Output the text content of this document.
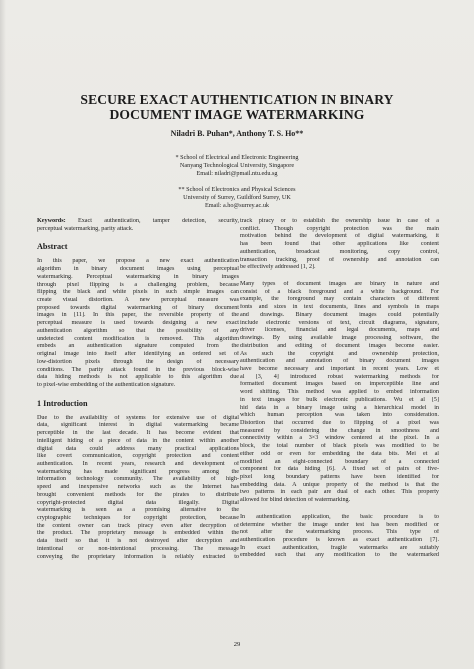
SECURE EXACT AUTHENTICATION IN BINARY
DOCUMENT IMAGE WATERMARKING
Niladri B. Puhan*, Anthony T. S. Ho**
* School of Electrical and Electronic Engineering
Nanyang Technological University, Singapore
Email: niladri@pmail.ntu.edu.sg
** School of Electronics and Physical Sciences
University of Surrey, Guildford Surrey, UK
Email: a.ho@surrey.ac.uk
Keywords: Exact authentication, tamper detection, security,
perceptual watermarking, parity attack.
Abstract
In this paper, we propose a new exact authentication
algorithm in binary document images using perceptual
watermarking. Perceptual watermarking in binary images
through pixel flipping is a challenging problem, because
flipping the black and white pixels in such simple images can
create visual distortion. A new perceptual measure was
proposed towards digital watermarking of binary document
images in [11]. In this paper, the reversible property of the
perceptual measure is used towards designing a new exact
authentication algorithm so that the possibility of any
undetected content modification is removed. This algorithm
embeds an authentication signature computed from the
original image into itself after identifying an ordered set of
low-distortion pixels through the design of necessary
conditions. The parity attack found in the previous block-wise
data hiding methods is not applicable to this algorithm due
to pixel-wise embedding of the authentication signature.
1 Introduction
Due to the availability of systems for extensive use of digital
data, significant interest in digital watermarking became
perceptible in the last decade. It has become evident that
intelligent hiding of a piece of data in the content within another
digital data could address many practical applications
like covert communication, copyright protection and content
authentication. In recent years, research and development of
watermarking has made significant progress among the
information technology community. The availability of high-
speed and inexpensive networks such as the Internet has
brought convenient methods for the pirates to distribute
copyright-protected digital data illegally. Digital
watermarking is seen as a promising alternative to the
cryptographic techniques for copyright protection, because
the content owner can track piracy even after decryption of
the product. The proprietary message is embedded within the
data itself so that it is not destroyed after decryption and
intentional or non-intentional processing. The message
conveying the proprietary information is reliably extracted to
track piracy or to establish the ownership issue in case of a
conflict. Though copyright protection was the main
motivation behind the development of digital watermarking, it
has been found that other applications like content
authentication, broadcast monitoring, copy control,
transaction tracking, proof of ownership and annotation can
be effectively addressed [1, 2].
Many types of document images are binary in nature and
consist of a black foreground and a white background. For
example, the foreground may contain characters of different
fonts and sizes in text documents, lines and symbols in maps
and drawings. Binary document images could potentially
include electronic versions of text, circuit diagrams, signature,
driver licenses, financial and legal documents, maps and
drawings. By using available image processing software, the
distribution and editing of document images become easier.
As such the copyright and ownership protection,
authentication and annotation of binary document images
have become necessary and important in recent years. Low et
al [3, 4] introduced robust watermarking methods for
formatted document images based on imperceptible line and
word shifting. This method was applied to embed information
in text images for bulk electronic publications. Wu et al [5]
hid data in a binary image using a hierarchical model in
which human perception was taken into consideration.
Distortion that occurred due to flipping of a pixel was
measured by considering the change in smoothness and
connectivity within a 3×3 window centered at the pixel. In a
block, the total number of black pixels was modified to be
either odd or even for embedding the data bits. Mei et al
modified an eight-connected boundary of a connected
component for data hiding [6]. A fixed set of pairs of five-
pixel long boundary patterns have been identified for
embedding data. A unique property of the method is that the
two patterns in each pair are dual of each other. This property
allowed for blind detection of watermarking.
In authentication application, the basic procedure is to
determine whether the image under test has been modified or
not after the watermarking process. This type of
authentication procedure is known as exact authentication [7].
In exact authentication, fragile watermarks are suitably
embedded such that any modification to the watermarked
29
